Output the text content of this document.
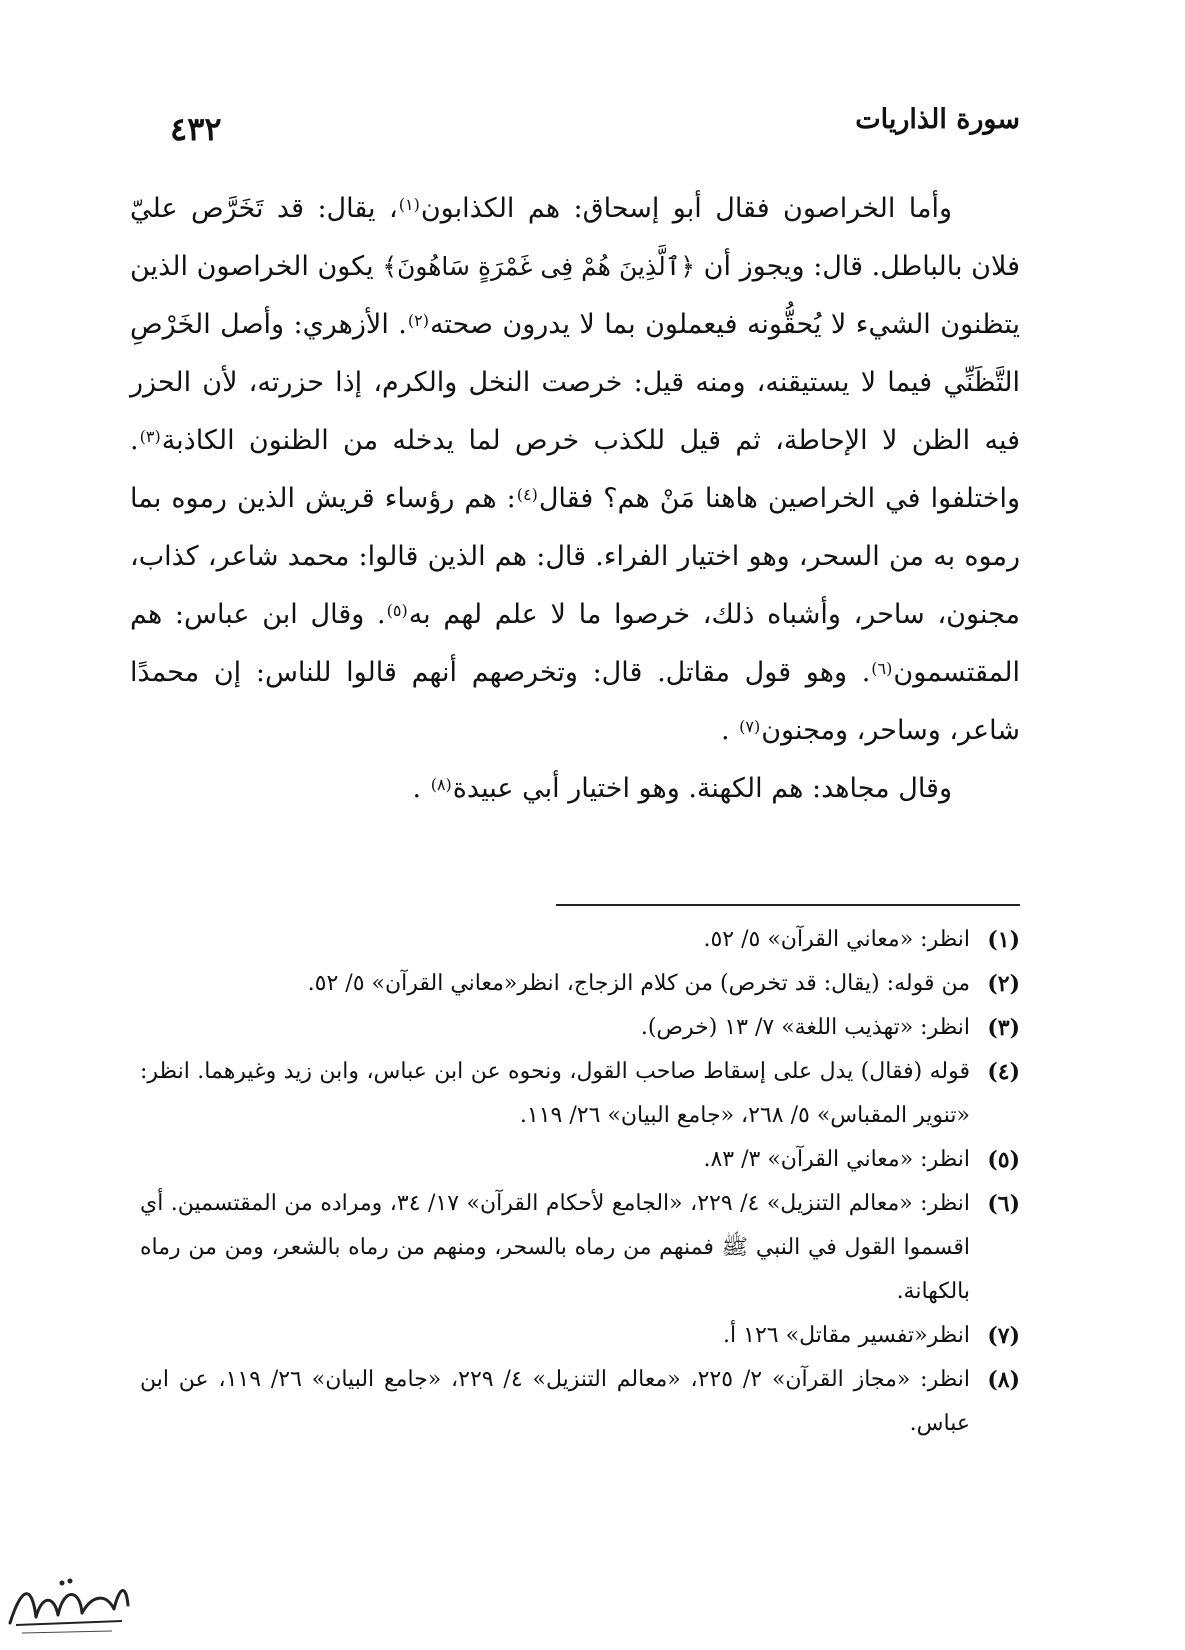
سورة الذاريات
٤٣٢

وأما الخراصون فقال أبو إسحاق: هم الكذابون$^{(١)}$، يقال: قد تَخَرَّص عليّ فلان بالباطل. قال: ويجوز أن ﴿ٱلَّذِينَ هُمْ فِى غَمْرَةٍ سَاهُونَ﴾ يكون الخراصون الذين يتظنون الشيء لا يُحقُّونه فيعملون بما لا يدرون صحته$^{(٢)}$. الأزهري: وأصل الخَرْصِ التَّظَنِّي فيما لا يستيقنه، ومنه قيل: خرصت النخل والكرم، إذا حزرته، لأن الحزر فيه الظن لا الإحاطة، ثم قيل للكذب خرص لما يدخله من الظنون الكاذبة$^{(٣)}$. واختلفوا في الخراصين هاهنا مَنْ هم؟ فقال$^{(٤)}$: هم رؤساء قريش الذين رموه بما رموه به من السحر، وهو اختيار الفراء. قال: هم الذين قالوا: محمد شاعر، كذاب، مجنون، ساحر، وأشباه ذلك، خرصوا ما لا علم لهم به$^{(٥)}$. وقال ابن عباس: هم المقتسمون$^{(٦)}$. وهو قول مقاتل. قال: وتخرصهم أنهم قالوا للناس: إن محمدًا شاعر، وساحر، ومجنون$^{(٧)}$ .

وقال مجاهد: هم الكهنة. وهو اختيار أبي عبيدة$^{(٨)}$ .

(١)
انظر: «معاني القرآن» ٥/ ٥٢.
(٢)
من قوله: (يقال: قد تخرص) من كلام الزجاج، انظر«معاني القرآن» ٥/ ٥٢.
(٣)
انظر: «تهذيب اللغة» ٧/ ١٣ (خرص).
(٤)
قوله (فقال) يدل على إسقاط صاحب القول، ونحوه عن ابن عباس، وابن زيد وغيرهما. انظر: «تنوير المقباس» ٥/ ٢٦٨، «جامع البيان» ٢٦/ ١١٩.
(٥)
انظر: «معاني القرآن» ٣/ ٨٣.
(٦)
انظر: «معالم التنزيل» ٤/ ٢٢٩، «الجامع لأحكام القرآن» ١٧/ ٣٤، ومراده من المقتسمين. أي اقسموا القول في النبي ﷺ فمنهم من رماه بالسحر، ومنهم من رماه بالشعر، ومن من رماه بالكهانة.
(٧)
انظر«تفسير مقاتل» ١٢٦ أ.
(٨)
انظر: «مجاز القرآن» ٢/ ٢٢٥، «معالم التنزيل» ٤/ ٢٢٩، «جامع البيان» ٢٦/ ١١٩، عن ابن عباس.
